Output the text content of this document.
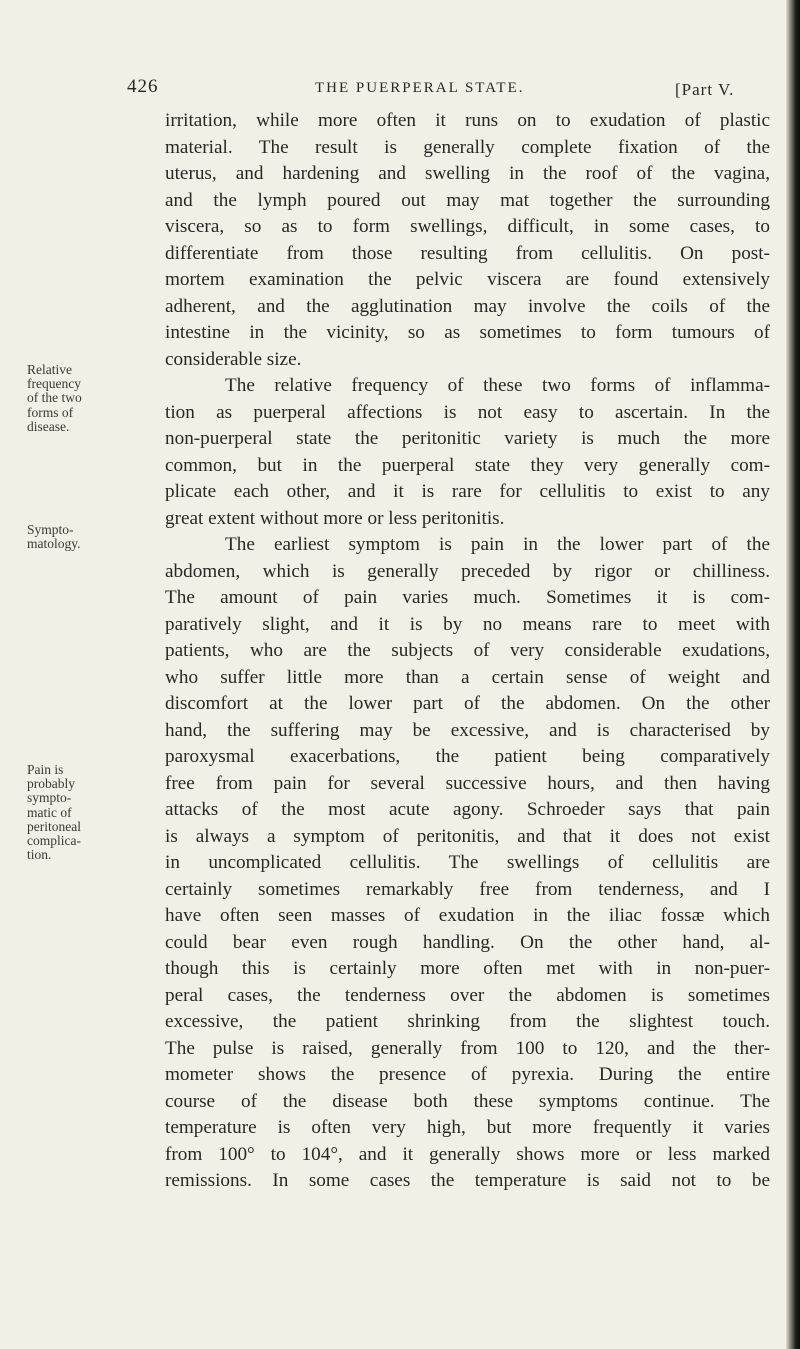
426	THE PUERPERAL STATE.	[Part V.
Relative
frequency
of the two
forms of
disease.
Sympto-
matology.
Pain is
probably
sympto-
matic of
peritoneal
complica-
tion.
irritation, while more often it runs on to exudation of plastic
material. The result is generally complete fixation of the
uterus, and hardening and swelling in the roof of the vagina,
and the lymph poured out may mat together the surrounding
viscera, so as to form swellings, difficult, in some cases, to
differentiate from those resulting from cellulitis. On post-
mortem examination the pelvic viscera are found extensively
adherent, and the agglutination may involve the coils of the
intestine in the vicinity, so as sometimes to form tumours of
considerable size.
The relative frequency of these two forms of inflamma-
tion as puerperal affections is not easy to ascertain. In the
non-puerperal state the peritonitic variety is much the more
common, but in the puerperal state they very generally com-
plicate each other, and it is rare for cellulitis to exist to any
great extent without more or less peritonitis.
The earliest symptom is pain in the lower part of the
abdomen, which is generally preceded by rigor or chilliness.
The amount of pain varies much. Sometimes it is com-
paratively slight, and it is by no means rare to meet with
patients, who are the subjects of very considerable exudations,
who suffer little more than a certain sense of weight and
discomfort at the lower part of the abdomen. On the other
hand, the suffering may be excessive, and is characterised by
paroxysmal exacerbations, the patient being comparatively
free from pain for several successive hours, and then having
attacks of the most acute agony. Schroeder says that pain
is always a symptom of peritonitis, and that it does not exist
in uncomplicated cellulitis. The swellings of cellulitis are
certainly sometimes remarkably free from tenderness, and I
have often seen masses of exudation in the iliac fossæ which
could bear even rough handling. On the other hand, al-
though this is certainly more often met with in non-puer-
peral cases, the tenderness over the abdomen is sometimes
excessive, the patient shrinking from the slightest touch.
The pulse is raised, generally from 100 to 120, and the ther-
mometer shows the presence of pyrexia. During the entire
course of the disease both these symptoms continue. The
temperature is often very high, but more frequently it varies
from 100° to 104°, and it generally shows more or less marked
remissions. In some cases the temperature is said not to be
